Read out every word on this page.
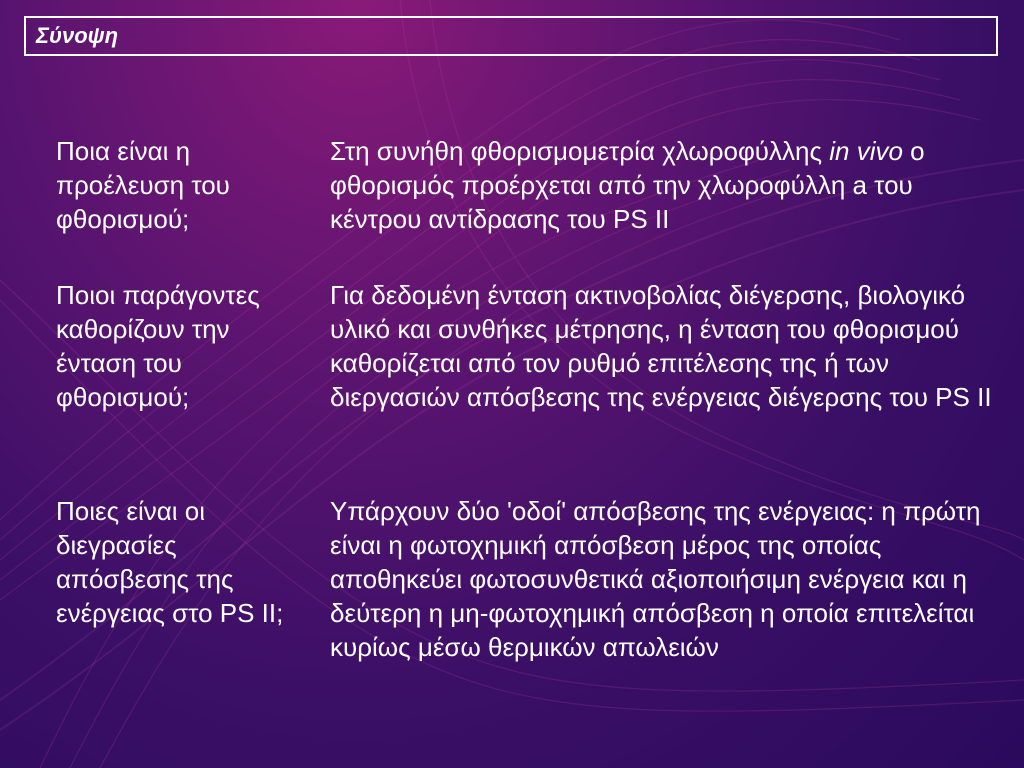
Σύνοψη
Ποια είναι η προέλευση του φθορισμού;
Στη συνήθη φθορισμομετρία χλωροφύλλης in vivo ο φθορισμός προέρχεται από την χλωροφύλλη a του κέντρου αντίδρασης του PS II
Ποιοι παράγοντες καθορίζουν την ένταση του φθορισμού;
Για δεδομένη ένταση ακτινοβολίας διέγερσης, βιολογικό υλικό και συνθήκες μέτρησης, η ένταση του φθορισμού καθορίζεται από τον ρυθμό επιτέλεσης της ή των διεργασιών απόσβεσης της ενέργειας διέγερσης του PS II
Ποιες είναι οι διεγρασίες απόσβεσης της ενέργειας στο PS II;
Υπάρχουν δύο 'οδοί' απόσβεσης της ενέργειας: η πρώτη είναι η φωτοχημική απόσβεση μέρος της οποίας αποθηκεύει φωτοσυνθετικά αξιοποιήσιμη ενέργεια και η δεύτερη η μη-φωτοχημική απόσβεση η οποία επιτελείται κυρίως μέσω θερμικών απωλειών
